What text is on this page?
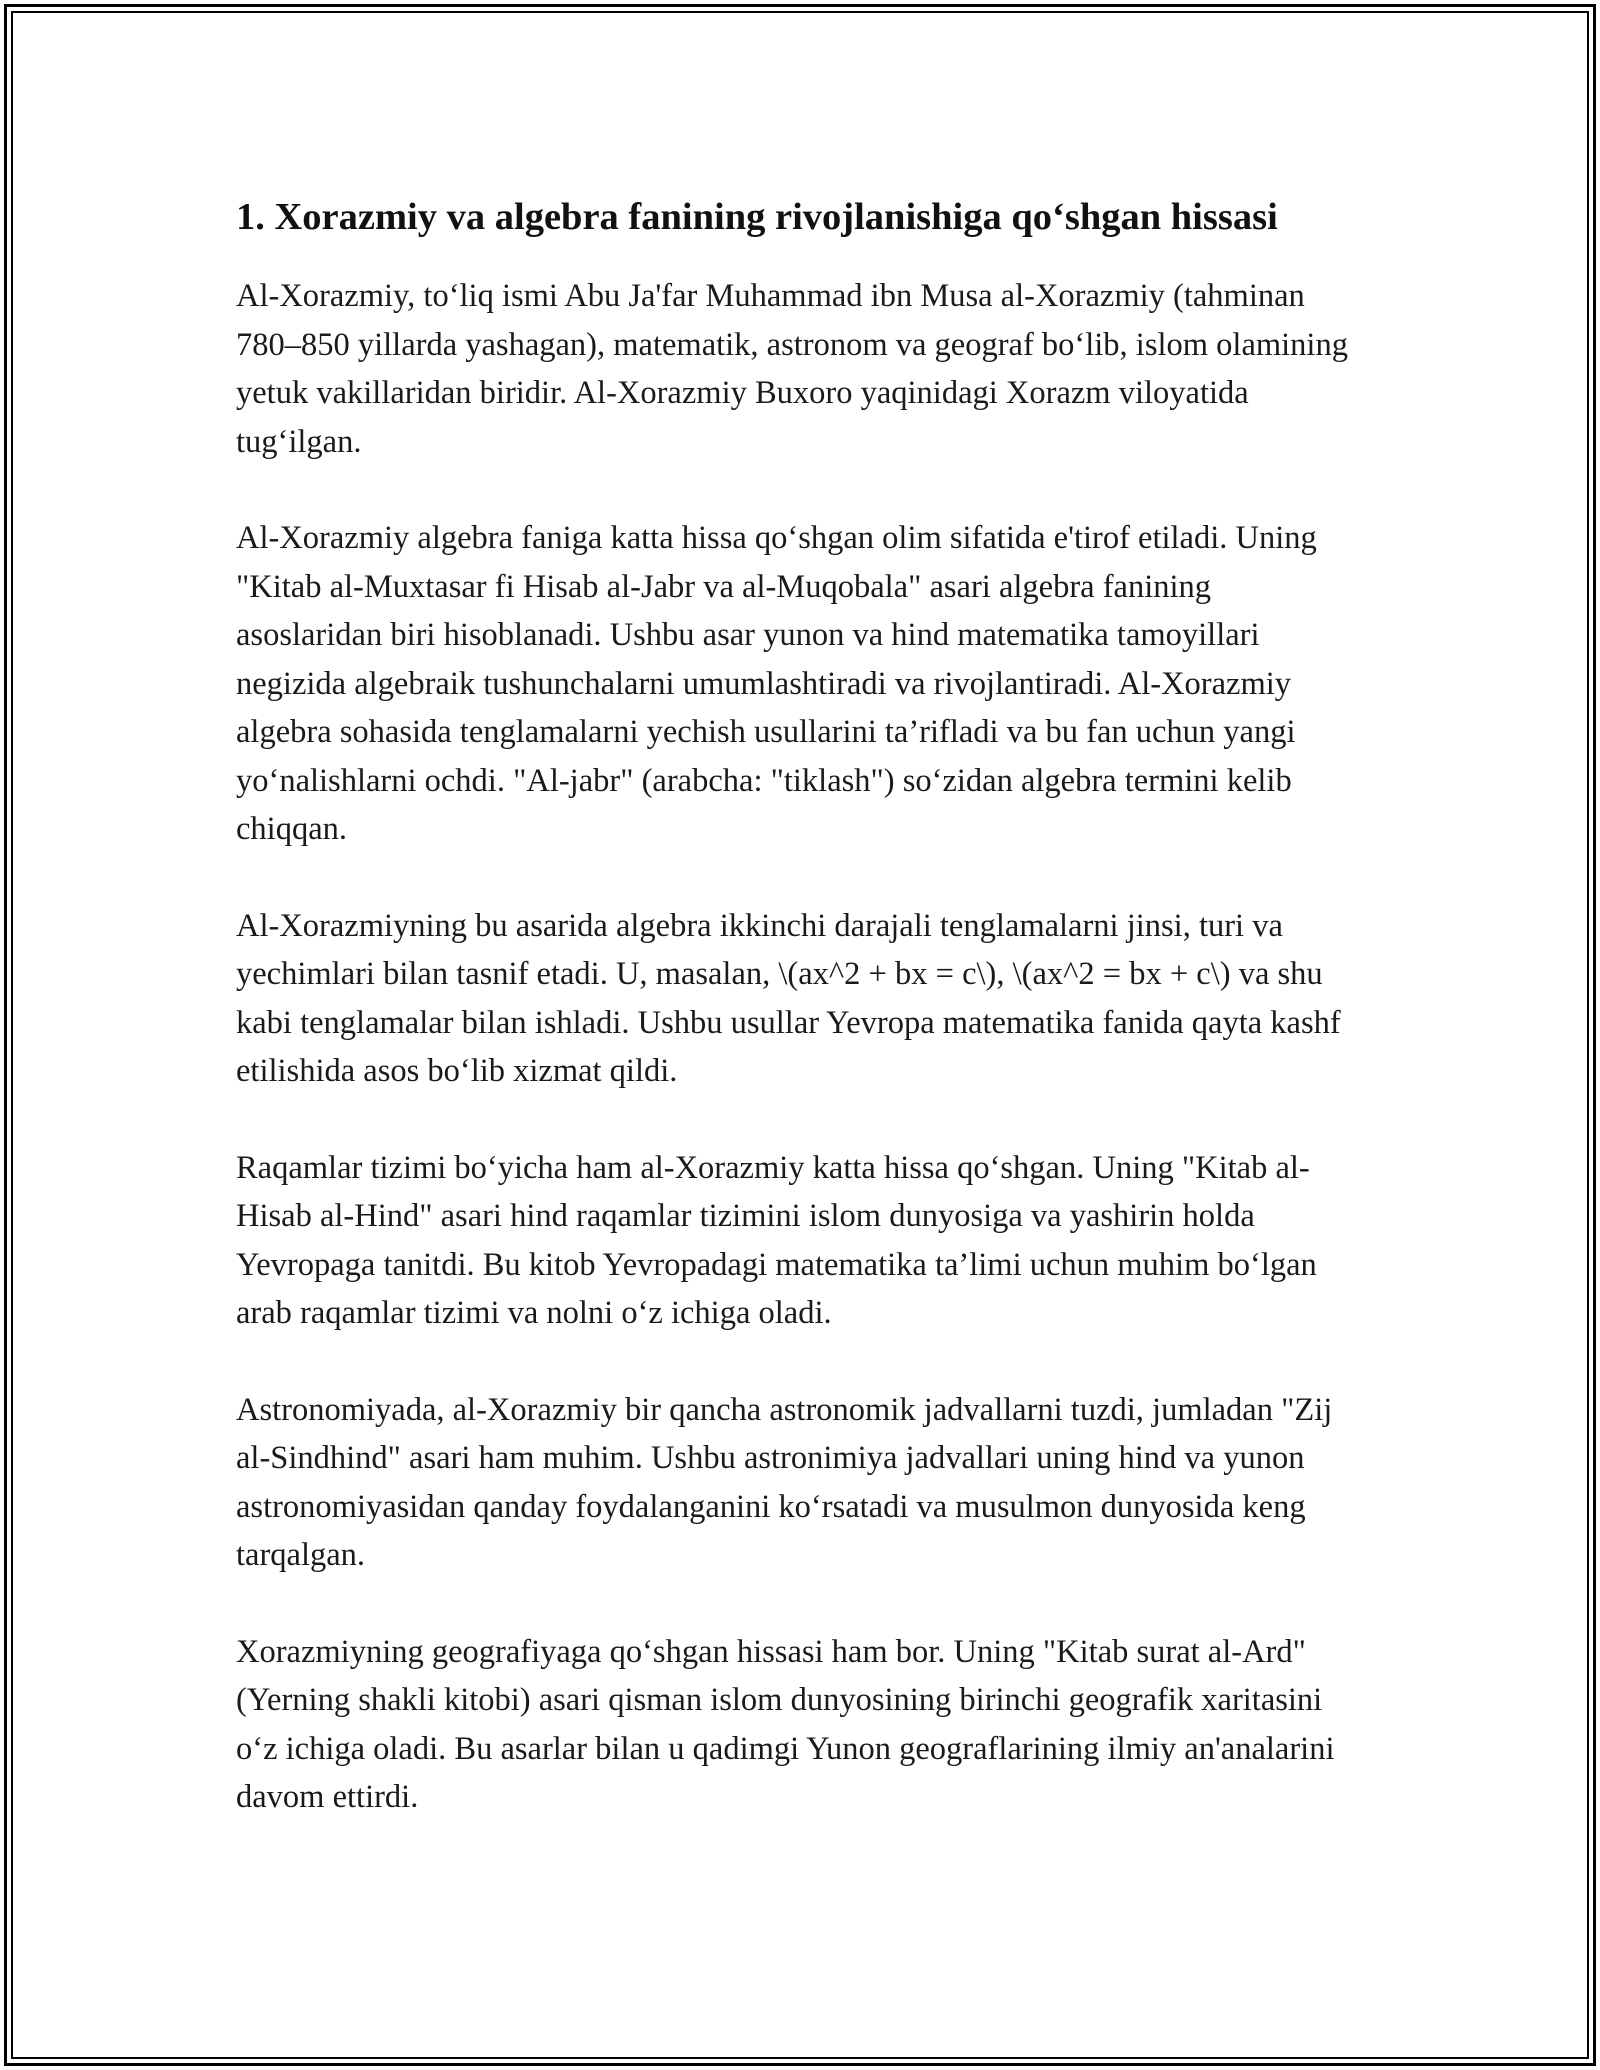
1. Xorazmiy va algebra fanining rivojlanishiga qo‘shgan hissasi

Al-Xorazmiy, to‘liq ismi Abu Ja'far Muhammad ibn Musa al-Xorazmiy (tahminan 780–850 yillarda yashagan), matematik, astronom va geograf bo‘lib, islom olamining yetuk vakillaridan biridir. Al-Xorazmiy Buxoro yaqinidagi Xorazm viloyatida tug‘ilgan.

Al-Xorazmiy algebra faniga katta hissa qo‘shgan olim sifatida e'tirof etiladi. Uning "Kitab al-Muxtasar fi Hisab al-Jabr va al-Muqobala" asari algebra fanining asoslaridan biri hisoblanadi. Ushbu asar yunon va hind matematika tamoyillari negizida algebraik tushunchalarni umumlashtiradi va rivojlantiradi. Al-Xorazmiy algebra sohasida tenglamalarni yechish usullarini ta’rifladi va bu fan uchun yangi yo‘nalishlarni ochdi. "Al-jabr" (arabcha: "tiklash") so‘zidan algebra termini kelib chiqqan.

Al-Xorazmiyning bu asarida algebra ikkinchi darajali tenglamalarni jinsi, turi va yechimlari bilan tasnif etadi. U, masalan, \(ax^2 + bx = c\), \(ax^2 = bx + c\) va shu kabi tenglamalar bilan ishladi. Ushbu usullar Yevropa matematika fanida qayta kashf etilishida asos bo‘lib xizmat qildi.

Raqamlar tizimi bo‘yicha ham al-Xorazmiy katta hissa qo‘shgan. Uning "Kitab al-Hisab al-Hind" asari hind raqamlar tizimini islom dunyosiga va yashirin holda Yevropaga tanitdi. Bu kitob Yevropadagi matematika ta’limi uchun muhim bo‘lgan arab raqamlar tizimi va nolni o‘z ichiga oladi.

Astronomiyada, al-Xorazmiy bir qancha astronomik jadvallarni tuzdi, jumladan "Zij al-Sindhind" asari ham muhim. Ushbu astronimiya jadvallari uning hind va yunon astronomiyasidan qanday foydalanganini ko‘rsatadi va musulmon dunyosida keng tarqalgan.

Xorazmiyning geografiyaga qo‘shgan hissasi ham bor. Uning "Kitab surat al-Ard" (Yerning shakli kitobi) asari qisman islom dunyosining birinchi geografik xaritasini o‘z ichiga oladi. Bu asarlar bilan u qadimgi Yunon geograflarining ilmiy an'analarini davom ettirdi.
